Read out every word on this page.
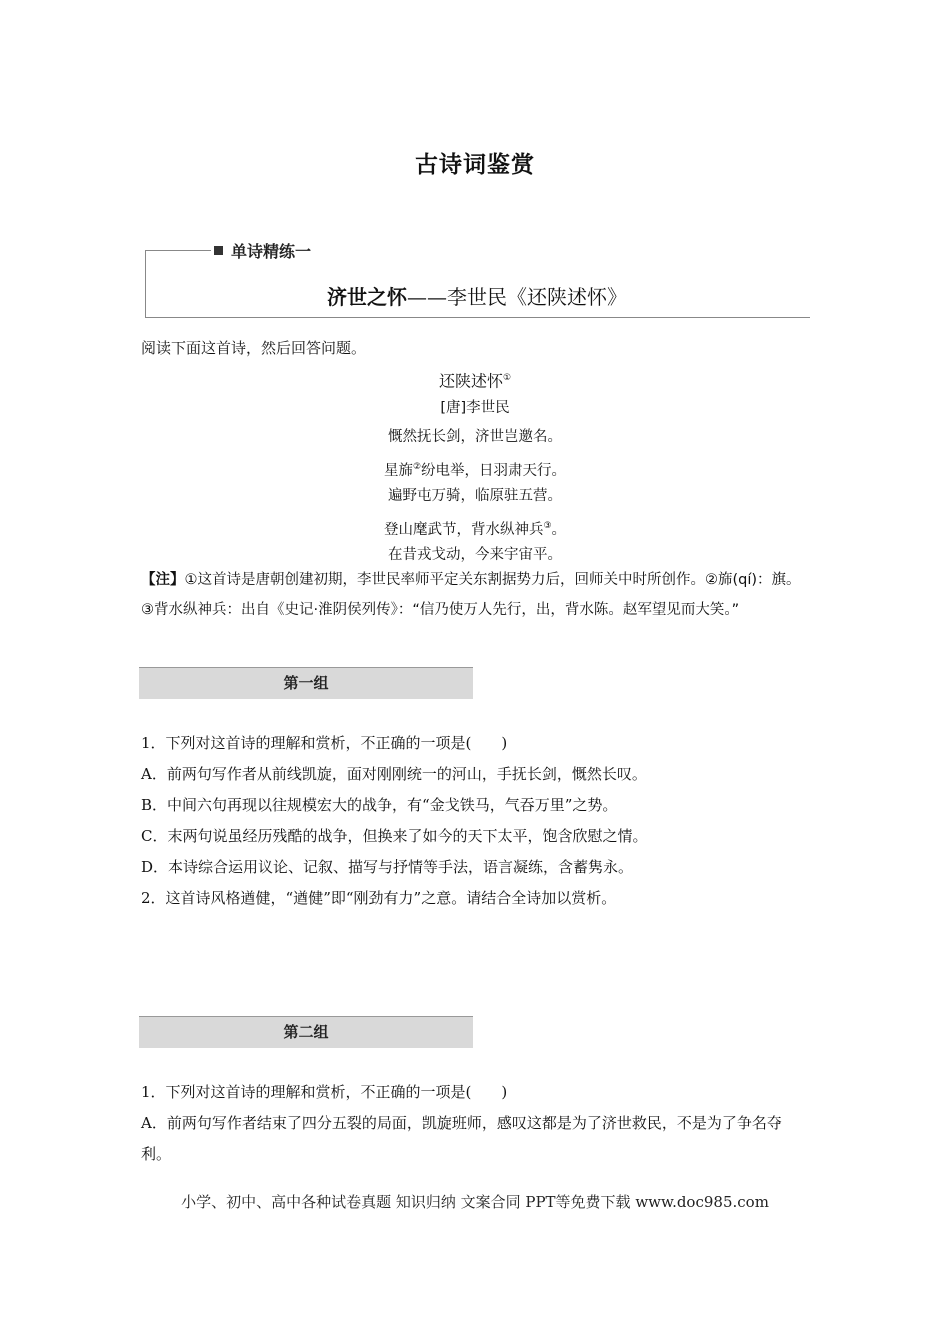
古诗词鉴赏
单诗精练一
济世之怀——李世民《还陕述怀》
阅读下面这首诗，然后回答问题。
还陕述怀①
[唐]李世民
慨然抚长剑，济世岂邀名。
星旆②纷电举，日羽肃天行。
遍野屯万骑，临原驻五营。
登山麾武节，背水纵神兵③。
在昔戎戈动，今来宇宙平。
【注】①这首诗是唐朝创建初期，李世民率师平定关东割据势力后，回师关中时所创作。②旆(qí)：旗。③背水纵神兵：出自《史记·淮阴侯列传》：“信乃使万人先行，出，背水陈。赵军望见而大笑。”
第一组

1．下列对这首诗的理解和赏析，不正确的一项是(　　)

A．前两句写作者从前线凯旋，面对刚刚统一的河山，手抚长剑，慨然长叹。

B．中间六句再现以往规模宏大的战争，有“金戈铁马，气吞万里”之势。

C．末两句说虽经历残酷的战争，但换来了如今的天下太平，饱含欣慰之情。

D．本诗综合运用议论、记叙、描写与抒情等手法，语言凝练，含蓄隽永。

2．这首诗风格遒健，“遒健”即“刚劲有力”之意。请结合全诗加以赏析。

第二组

1．下列对这首诗的理解和赏析，不正确的一项是(　　)

A．前两句写作者结束了四分五裂的局面，凯旋班师，感叹这都是为了济世救民，不是为了争名夺利。

小学、初中、高中各种试卷真题 知识归纳 文案合同 PPT等免费下载 www.doc985.com
